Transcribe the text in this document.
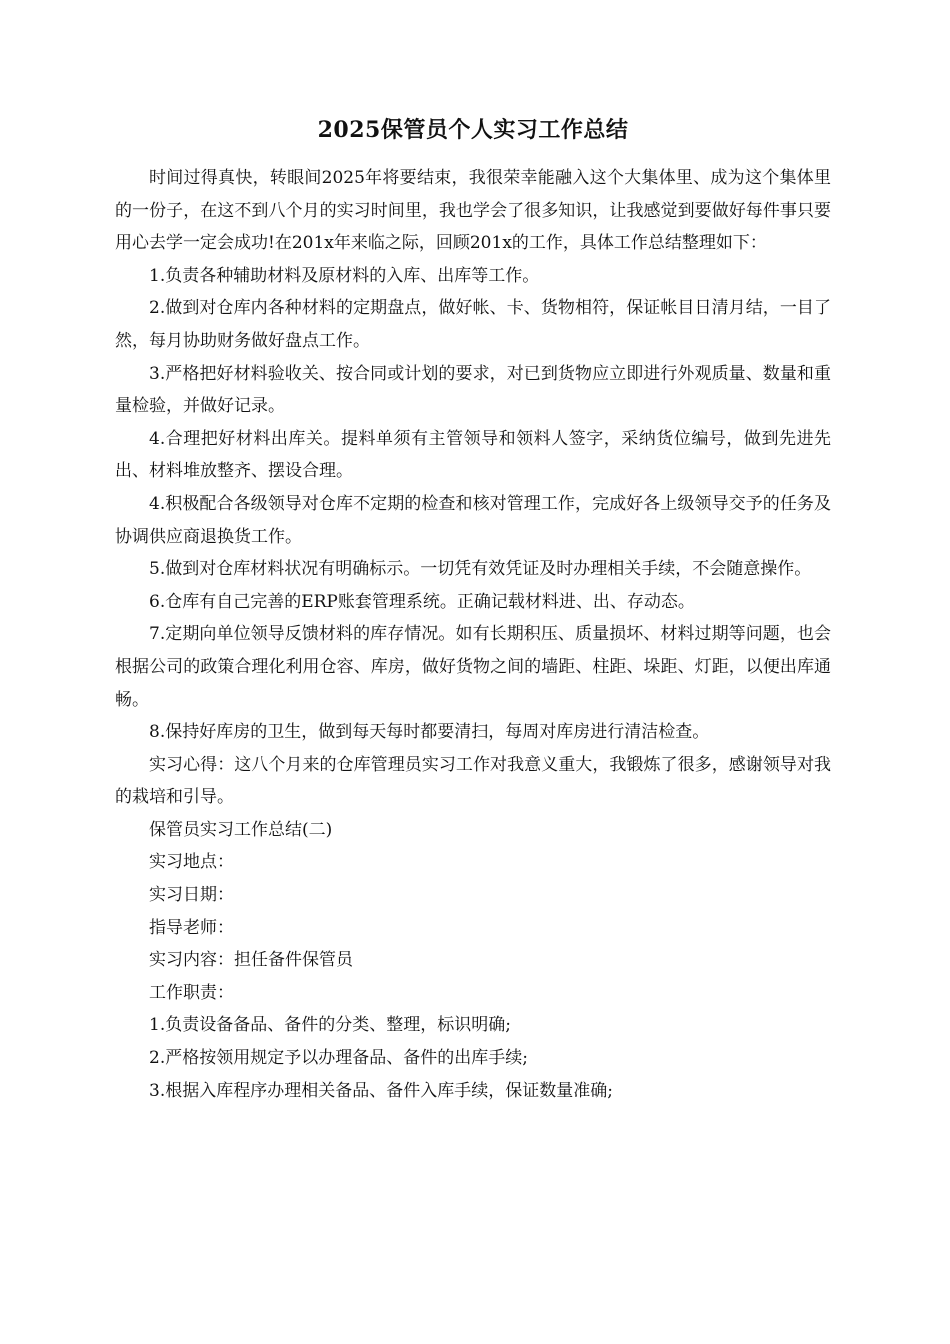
2025保管员个人实习工作总结

时间过得真快，转眼间2025年将要结束，我很荣幸能融入这个大集体里、成为这个集体里的一份子，在这不到八个月的实习时间里，我也学会了很多知识，让我感觉到要做好每件事只要用心去学一定会成功!在201x年来临之际，回顾201x的工作，具体工作总结整理如下：

1.负责各种辅助材料及原材料的入库、出库等工作。

2.做到对仓库内各种材料的定期盘点，做好帐、卡、货物相符，保证帐目日清月结，一目了然，每月协助财务做好盘点工作。

3.严格把好材料验收关、按合同或计划的要求，对已到货物应立即进行外观质量、数量和重量检验，并做好记录。

4.合理把好材料出库关。提料单须有主管领导和领料人签字，采纳货位编号，做到先进先出、材料堆放整齐、摆设合理。

4.积极配合各级领导对仓库不定期的检查和核对管理工作，完成好各上级领导交予的任务及协调供应商退换货工作。

5.做到对仓库材料状况有明确标示。一切凭有效凭证及时办理相关手续，不会随意操作。

6.仓库有自己完善的ERP账套管理系统。正确记载材料进、出、存动态。

7.定期向单位领导反馈材料的库存情况。如有长期积压、质量损坏、材料过期等问题，也会根据公司的政策合理化利用仓容、库房，做好货物之间的墙距、柱距、垛距、灯距，以便出库通畅。

8.保持好库房的卫生，做到每天每时都要清扫，每周对库房进行清洁检查。

实习心得：这八个月来的仓库管理员实习工作对我意义重大，我锻炼了很多，感谢领导对我的栽培和引导。

保管员实习工作总结(二)

实习地点：

实习日期：

指导老师：

实习内容：担任备件保管员

工作职责：

1.负责设备备品、备件的分类、整理，标识明确;

2.严格按领用规定予以办理备品、备件的出库手续;

3.根据入库程序办理相关备品、备件入库手续，保证数量准确;
